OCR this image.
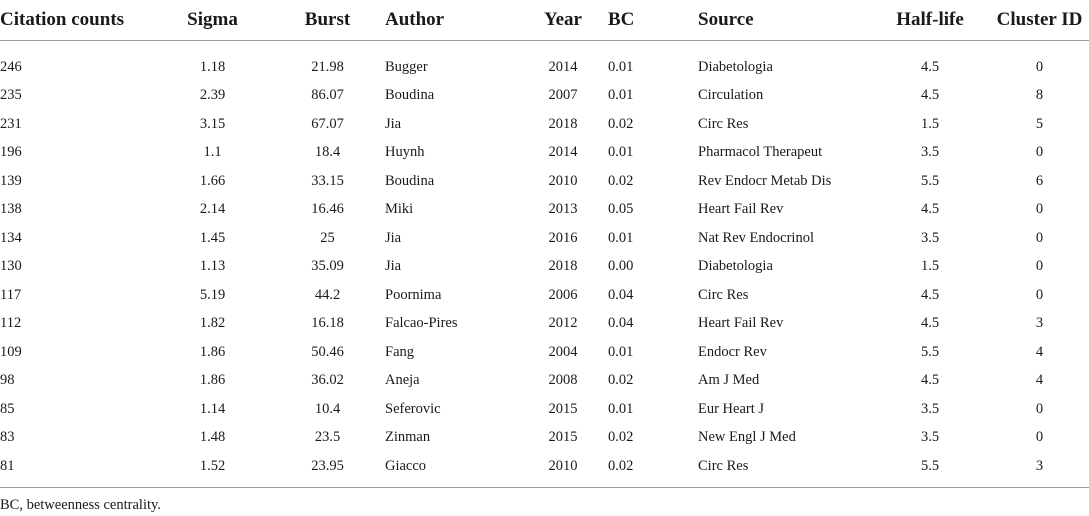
Citation counts	Sigma	Burst	Author	Year	BC	Source	Half-life	Cluster ID
246	1.18	21.98	Bugger	2014	0.01	Diabetologia	4.5	0
235	2.39	86.07	Boudina	2007	0.01	Circulation	4.5	8
231	3.15	67.07	Jia	2018	0.02	Circ Res	1.5	5
196	1.1	18.4	Huynh	2014	0.01	Pharmacol Therapeut	3.5	0
139	1.66	33.15	Boudina	2010	0.02	Rev Endocr Metab Dis	5.5	6
138	2.14	16.46	Miki	2013	0.05	Heart Fail Rev	4.5	0
134	1.45	25	Jia	2016	0.01	Nat Rev Endocrinol	3.5	0
130	1.13	35.09	Jia	2018	0.00	Diabetologia	1.5	0
117	5.19	44.2	Poornima	2006	0.04	Circ Res	4.5	0
112	1.82	16.18	Falcao-Pires	2012	0.04	Heart Fail Rev	4.5	3
109	1.86	50.46	Fang	2004	0.01	Endocr Rev	5.5	4
98	1.86	36.02	Aneja	2008	0.02	Am J Med	4.5	4
85	1.14	10.4	Seferovic	2015	0.01	Eur Heart J	3.5	0
83	1.48	23.5	Zinman	2015	0.02	New Engl J Med	3.5	0
81	1.52	23.95	Giacco	2010	0.02	Circ Res	5.5	3
BC, betweenness centrality.
